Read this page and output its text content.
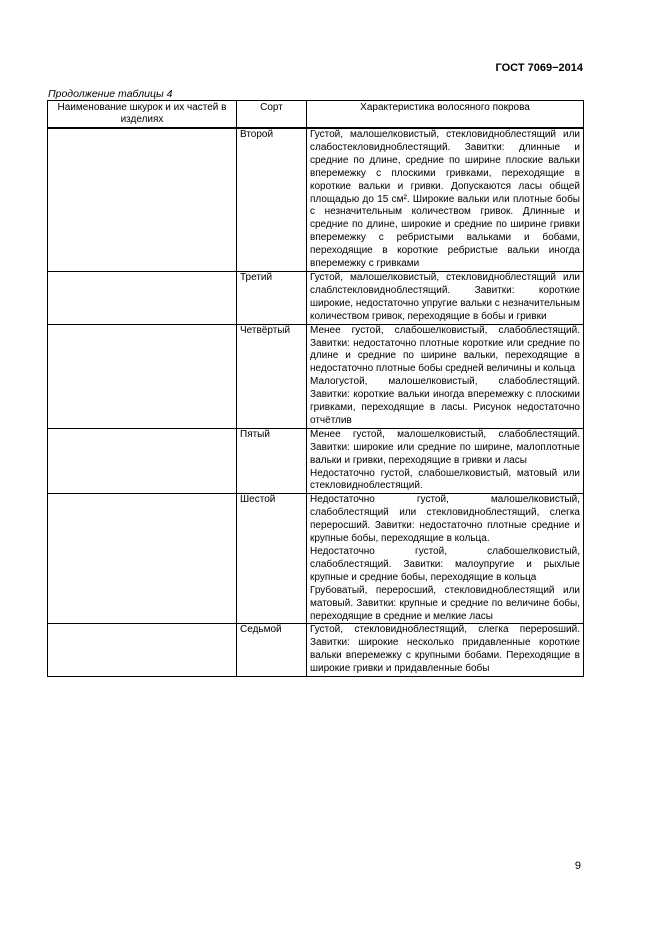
ГОСТ 7069−2014
Продолжение таблицы 4
Наименование шкурок и их частей в изделиях	Сорт	Характеристика волосяного покрова
	Второй	Густой, малошелковистый, стекловидноблестящий или слабостекловидноблестящий. Завитки: длинные и средние по длине, средние по ширине плоские вальки вперемежку с плоскими гривками, переходящие в короткие вальки и гривки. Допускаются ласы общей площадью до 15 см². Широкие вальки или плотные бобы с незначительным количеством гривок. Длинные и средние по длине, широкие и средние по ширине гривки вперемежку с ребристыми вальками и бобами, переходящие в короткие ребристые вальки иногда вперемежку с гривками

	Третий	Густой, малошелковистый, стекловидноблестящий или слаблстекловидноблестящий. Завитки: короткие широкие, недостаточно упругие вальки с незначительным количеством гривок, переходящие в бобы и гривки

	Четвёртый	Менее густой, слабошелковистый, слабоблестящий. Завитки: недостаточно плотные короткие или средние по длине и средние по ширине вальки, переходящие в недостаточно плотные бобы средней величины и кольца

Малогустой, малошелковистый, слабоблестящий. Завитки: короткие вальки иногда вперемежку с плоскими гривками, переходящие в ласы. Рисунок недостаточно отчётлив

	Пятый	Менее густой, малошелковистый, слабоблестящий. Завитки: широкие или средние по ширине, малоплотные вальки и гривки, переходящие в гривки и ласы

Недостаточно густой, слабошелковистый, матовый или стекловидноблестящий.

	Шестой	Недостаточно густой, малошелковистый, слабоблестящий или стекловидноблестящий, слегка переросший. Завитки: недостаточно плотные средние и крупные бобы, переходящие в кольца.

Недостаточно густой, слабошелковистый, слабоблестящий. Завитки: малоупругие и рыхлые крупные и средние бобы, переходящие в кольца

Грубоватый, переросший, стекловидноблестящий или матовый. Завитки: крупные и средние по величине бобы, переходящие в средние и мелкие ласы

	Седьмой	Густой, стекловидноблестящий, слегка перерosший. Завитки: широкие несколько придавленные короткие вальки вперемежку с крупными бобами. Переходящие в широкие гривки и придавленные бобы

9
